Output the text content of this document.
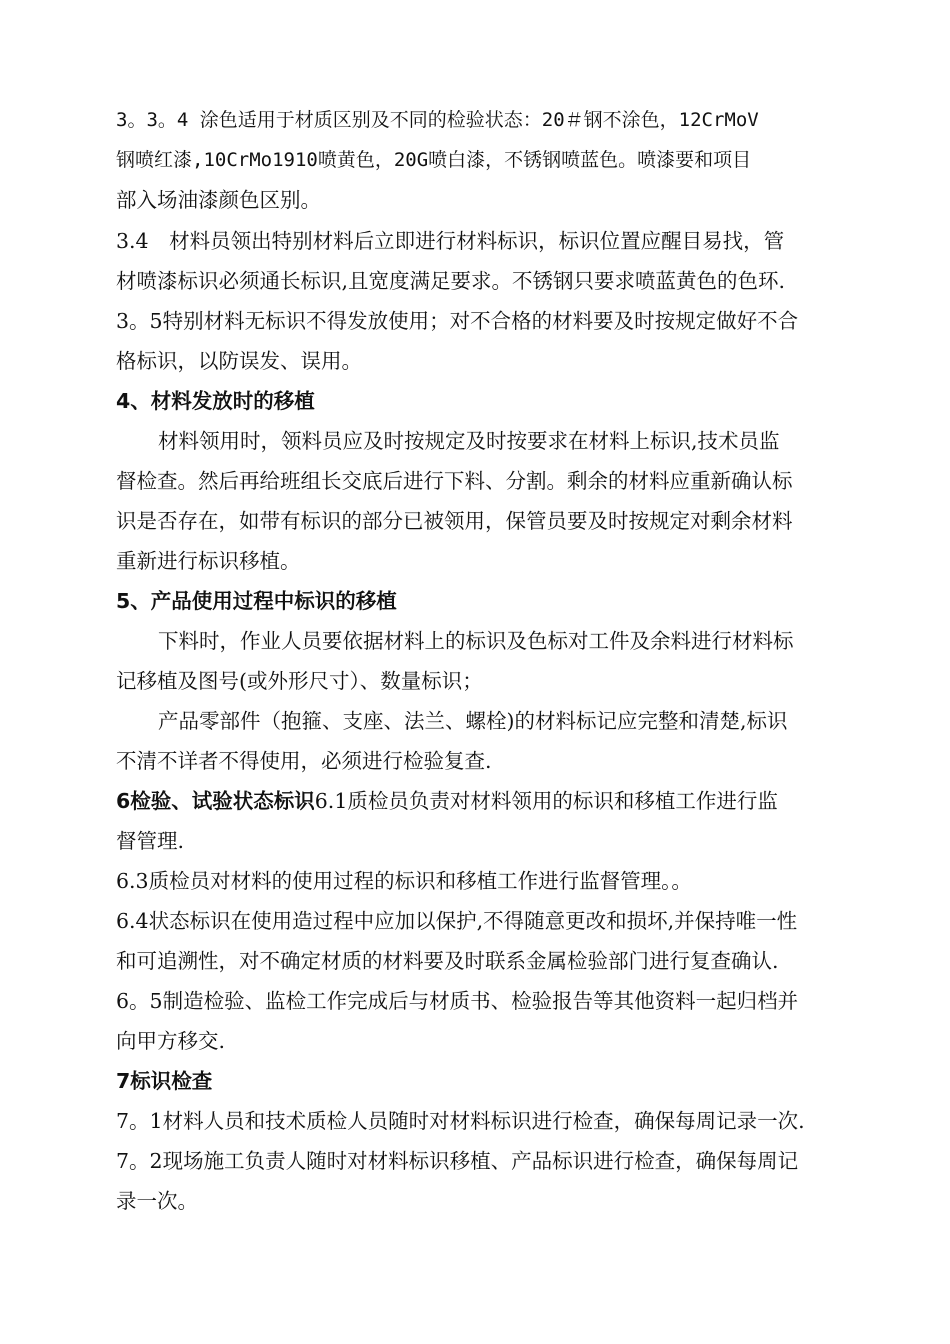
3。3。4 涂色适用于材质区别及不同的检验状态：20＃钢不涂色，12CrMoV
钢喷红漆,10CrMo1910喷黄色，20G喷白漆，不锈钢喷蓝色。喷漆要和项目
部入场油漆颜色区别。
3.4　材料员领出特别材料后立即进行材料标识，标识位置应醒目易找，管
材喷漆标识必须通长标识,且宽度满足要求。不锈钢只要求喷蓝黄色的色环.
3。5特别材料无标识不得发放使用；对不合格的材料要及时按规定做好不合
格标识，以防误发、误用。
4、材料发放时的移植
材料领用时，领料员应及时按规定及时按要求在材料上标识,技术员监
督检查。然后再给班组长交底后进行下料、分割。剩余的材料应重新确认标
识是否存在，如带有标识的部分已被领用，保管员要及时按规定对剩余材料
重新进行标识移植。
5、产品使用过程中标识的移植
下料时，作业人员要依据材料上的标识及色标对工件及余料进行材料标
记移植及图号(或外形尺寸）、数量标识；
产品零部件（抱箍、支座、法兰、螺栓)的材料标记应完整和清楚,标识
不清不详者不得使用，必须进行检验复查.
6检验、试验状态标识6.1质检员负责对材料领用的标识和移植工作进行监
督管理.
6.3质检员对材料的使用过程的标识和移植工作进行监督管理。。
6.4状态标识在使用造过程中应加以保护,不得随意更改和损坏,并保持唯一性
和可追溯性，对不确定材质的材料要及时联系金属检验部门进行复查确认.
6。5制造检验、监检工作完成后与材质书、检验报告等其他资料一起归档并
向甲方移交.
7标识检查
7。1材料人员和技术质检人员随时对材料标识进行检查，确保每周记录一次.
7。2现场施工负责人随时对材料标识移植、产品标识进行检查，确保每周记
录一次。
